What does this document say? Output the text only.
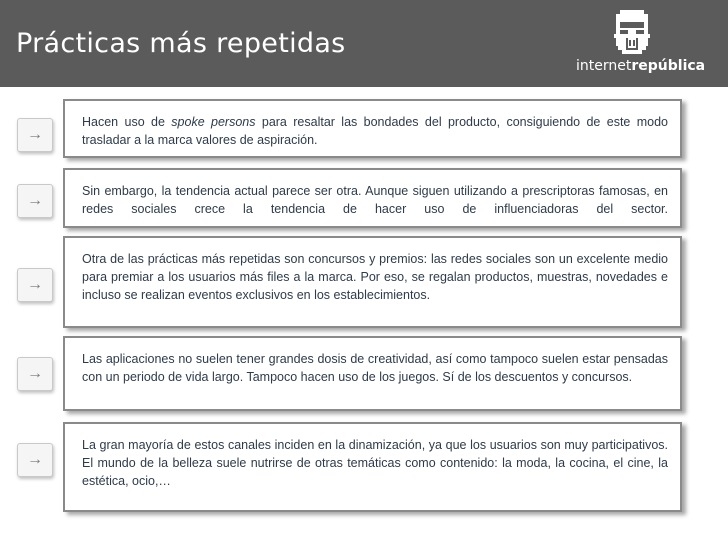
Prácticas más repetidas
internetrepública
→

Hacen uso de spoke persons para resaltar las bondades del producto, consiguiendo de este modo trasladar a la marca valores de aspiración.

→

Sin embargo, la tendencia actual parece ser otra. Aunque siguen utilizando a prescriptoras famosas, en redes sociales crece la tendencia de hacer uso de influenciadoras del sector.

→

Otra de las prácticas más repetidas son concursos y premios: las redes sociales son un excelente medio para premiar a los usuarios más files a la marca. Por eso, se regalan productos, muestras, novedades e incluso se realizan eventos exclusivos en los establecimientos.

→

Las aplicaciones no suelen tener grandes dosis de creatividad, así como tampoco suelen estar pensadas con un periodo de vida largo. Tampoco hacen uso de los juegos. Sí de los descuentos y concursos.

→

La gran mayoría de estos canales inciden en la dinamización, ya que los usuarios son muy participativos. El mundo de la belleza suele nutrirse de otras temáticas como contenido: la moda, la cocina, el cine, la estética, ocio,…
